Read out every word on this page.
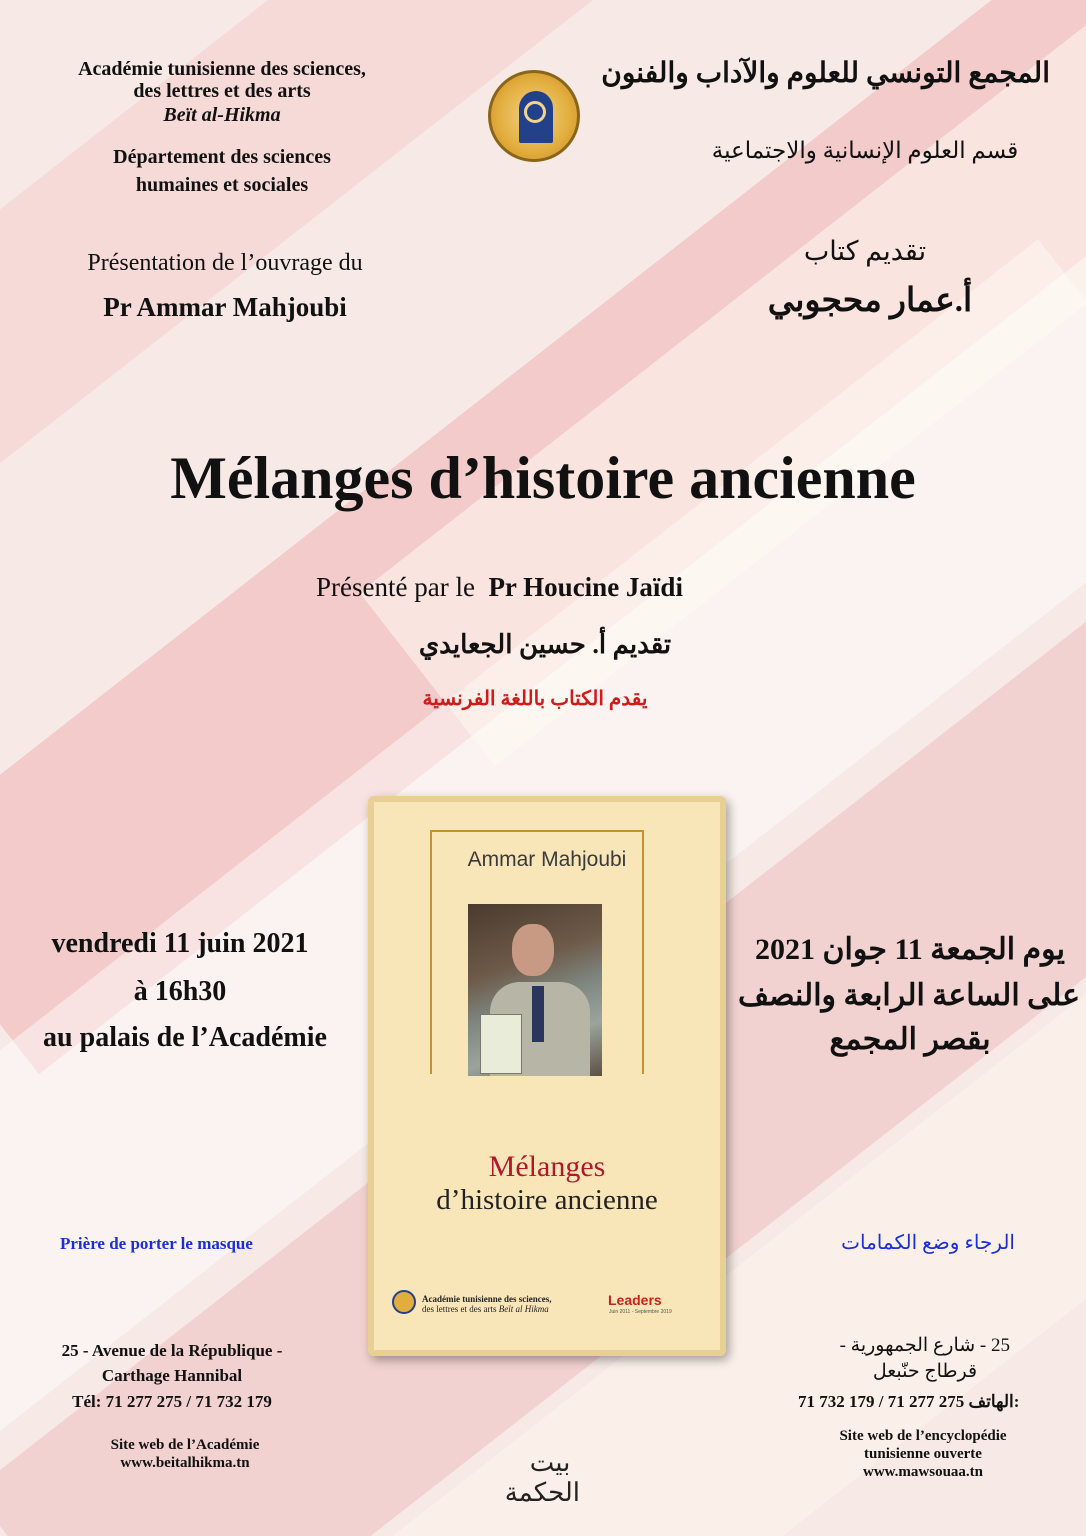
Académie tunisienne des sciences,
des lettres et des arts
Beït al-Hikma
Département des sciences
humaines et sociales
المجمع التونسي للعلوم والآداب والفنون
قسم العلوم الإنسانية والاجتماعية
Présentation de l’ouvrage du
Pr Ammar Mahjoubi
تقديم كتاب
أ.عمار محجوبي
Mélanges d’histoire ancienne
Présenté par le Pr Houcine Jaïdi
تقديم أ. حسين الجعايدي
يقدم الكتاب باللغة الفرنسية
vendredi 11 juin 2021
à 16h30
au palais de l’Académie
يوم الجمعة 11 جوان 2021
على الساعة الرابعة والنصف
بقصر المجمع
Ammar Mahjoubi
Mélanges
d’histoire ancienne
Académie tunisienne des sciences,
des lettres et des arts Beït al Hikma
Leaders
Juin 2011 - Septembre 2019
Prière de porter le masque	الرجاء وضع الكمامات
25 - Avenue de la République -
Carthage Hannibal
Tél: 71 277 275 / 71 732 179
25 - شارع الجمهورية -
قرطاج حنّبعل
71 732 179 / 71 277 275 الهاتف:
Site web de l’Académie
www.beitalhikma.tn	بيت الحكمة
Site web de l’encyclopédie
tunisienne ouverte
www.mawsouaa.tn
